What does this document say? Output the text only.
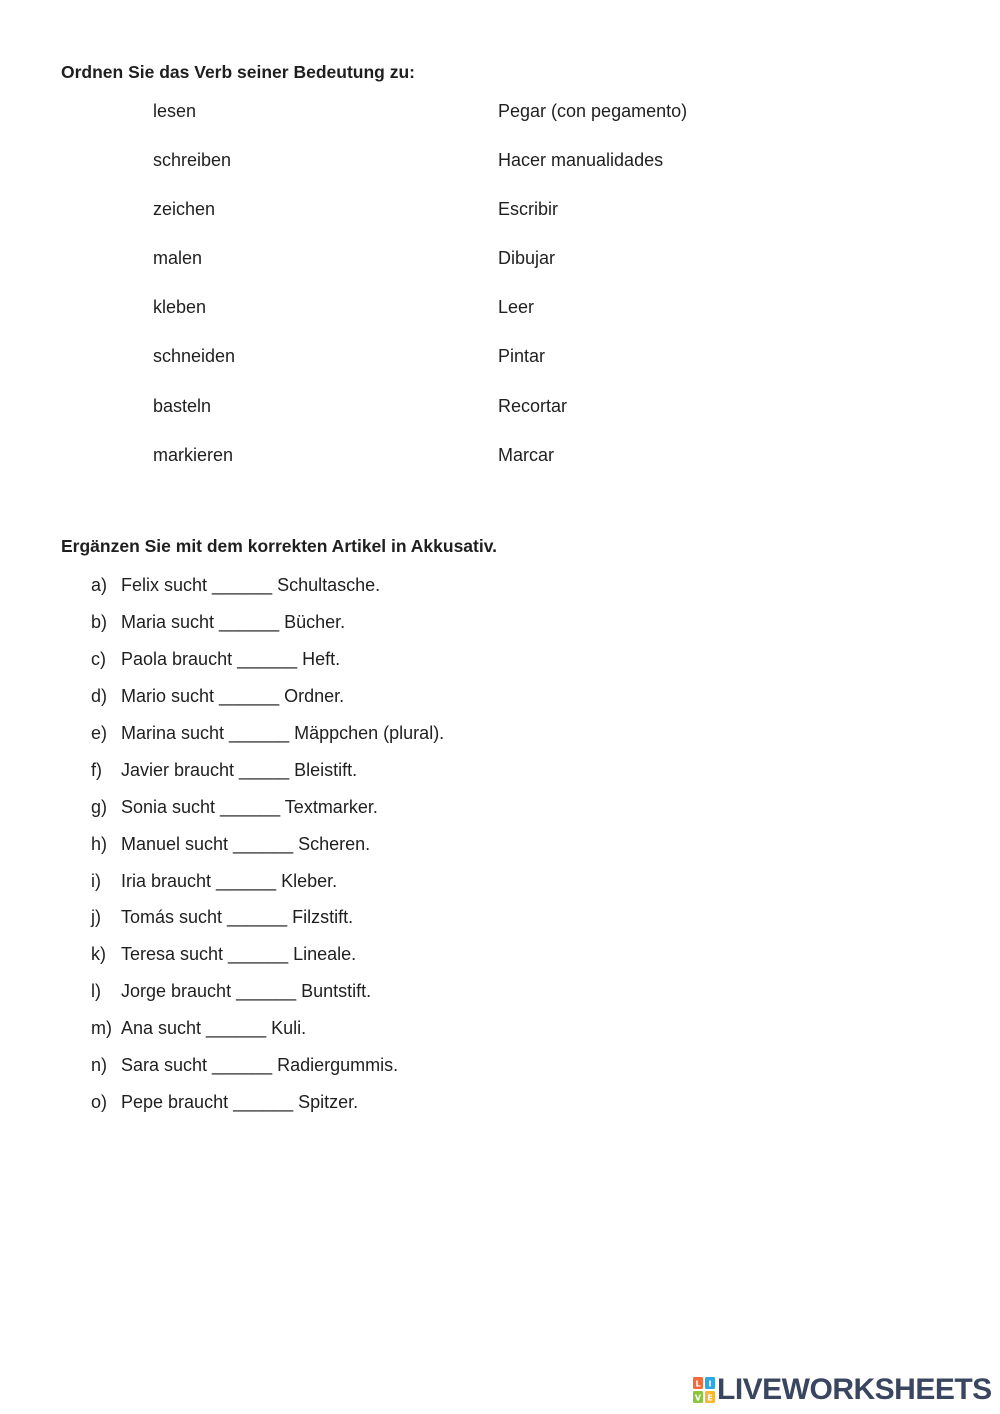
Ordnen Sie das Verb seiner Bedeutung zu:
lesen	Pegar (con pegamento)
schreiben	Hacer manualidades
zeichen	Escribir
malen	Dibujar
kleben	Leer
schneiden	Pintar
basteln	Recortar
markieren	Marcar
Ergänzen Sie mit dem korrekten Artikel in Akkusativ.
a) Felix sucht ______ Schultasche.
b) Maria sucht ______ Bücher.
c) Paola braucht ______ Heft.
d) Mario sucht ______ Ordner.
e) Marina sucht ______ Mäppchen (plural).
f) Javier braucht _____ Bleistift.
g) Sonia sucht ______ Textmarker.
h) Manuel sucht ______ Scheren.
i) Iria braucht ______ Kleber.
j) Tomás sucht ______ Filzstift.
k) Teresa sucht ______ Lineale.
l) Jorge braucht ______ Buntstift.
m) Ana sucht ______ Kuli.
n) Sara sucht ______ Radiergummis.
o) Pepe braucht ______ Spitzer.
L I
V E LIVEWORKSHEETS
